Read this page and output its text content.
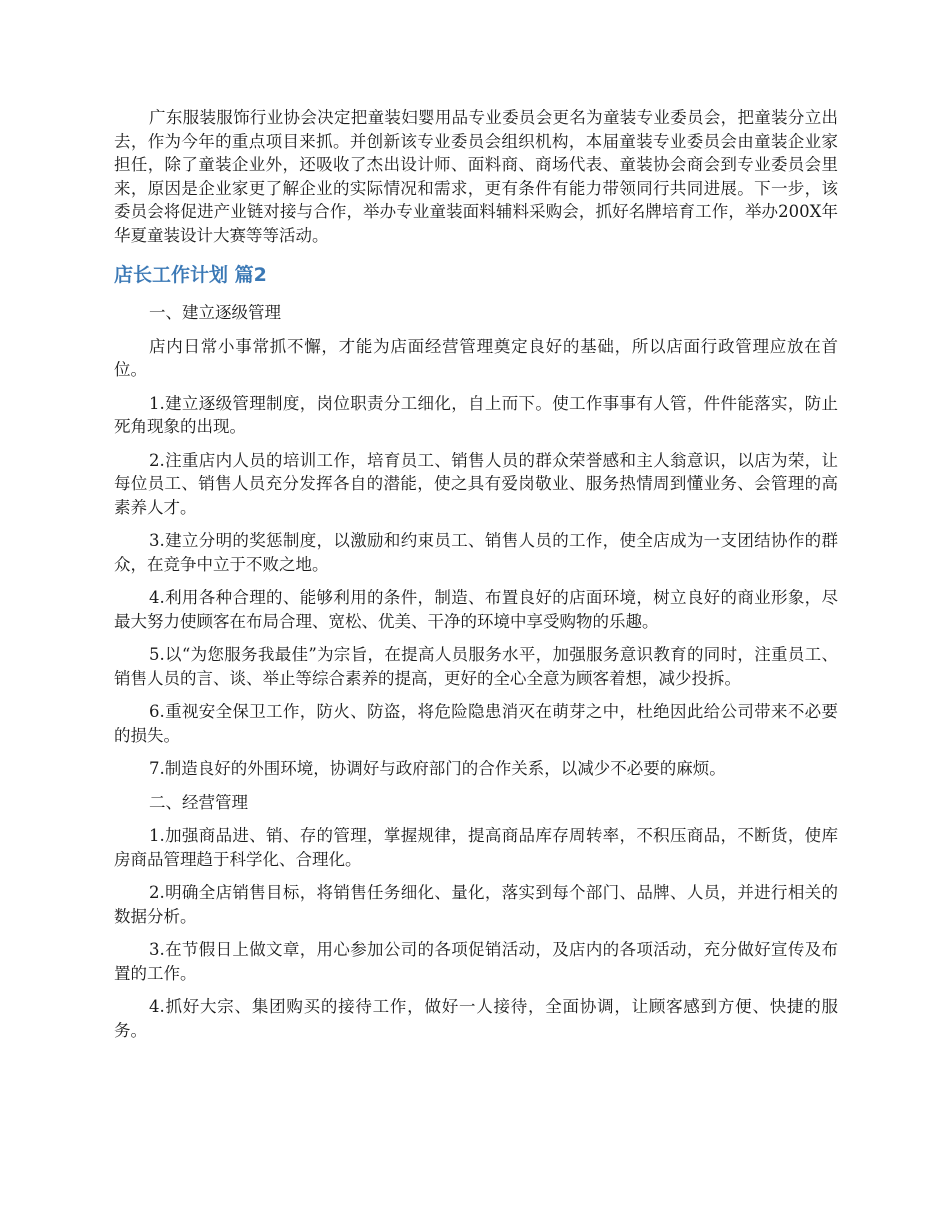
广东服装服饰行业协会决定把童装妇婴用品专业委员会更名为童装专业委员会，把童装分立出去，作为今年的重点项目来抓。并创新该专业委员会组织机构，本届童装专业委员会由童装企业家担任，除了童装企业外，还吸收了杰出设计师、面料商、商场代表、童装协会商会到专业委员会里来，原因是企业家更了解企业的实际情况和需求，更有条件有能力带领同行共同进展。下一步，该委员会将促进产业链对接与合作，举办专业童装面料辅料采购会，抓好名牌培育工作，举办200X年华夏童装设计大赛等等活动。

店长工作计划 篇2

一、建立逐级管理

店内日常小事常抓不懈，才能为店面经营管理奠定良好的基础，所以店面行政管理应放在首位。

1.建立逐级管理制度，岗位职责分工细化，自上而下。使工作事事有人管，件件能落实，防止死角现象的出现。

2.注重店内人员的培训工作，培育员工、销售人员的群众荣誉感和主人翁意识，以店为荣，让每位员工、销售人员充分发挥各自的潜能，使之具有爱岗敬业、服务热情周到懂业务、会管理的高素养人才。

3.建立分明的奖惩制度，以激励和约束员工、销售人员的工作，使全店成为一支团结协作的群众，在竞争中立于不败之地。

4.利用各种合理的、能够利用的条件，制造、布置良好的店面环境，树立良好的商业形象，尽最大努力使顾客在布局合理、宽松、优美、干净的环境中享受购物的乐趣。

5.以“为您服务我最佳”为宗旨，在提高人员服务水平，加强服务意识教育的同时，注重员工、销售人员的言、谈、举止等综合素养的提高，更好的全心全意为顾客着想，减少投拆。

6.重视安全保卫工作，防火、防盗，将危险隐患消灭在萌芽之中，杜绝因此给公司带来不必要的损失。

7.制造良好的外围环境，协调好与政府部门的合作关系，以减少不必要的麻烦。

二、经营管理

1.加强商品进、销、存的管理，掌握规律，提高商品库存周转率，不积压商品，不断货，使库房商品管理趋于科学化、合理化。

2.明确全店销售目标，将销售任务细化、量化，落实到每个部门、品牌、人员，并进行相关的数据分析。

3.在节假日上做文章，用心参加公司的各项促销活动，及店内的各项活动，充分做好宣传及布置的工作。

4.抓好大宗、集团购买的接待工作，做好一人接待，全面协调，让顾客感到方便、快捷的服务。
